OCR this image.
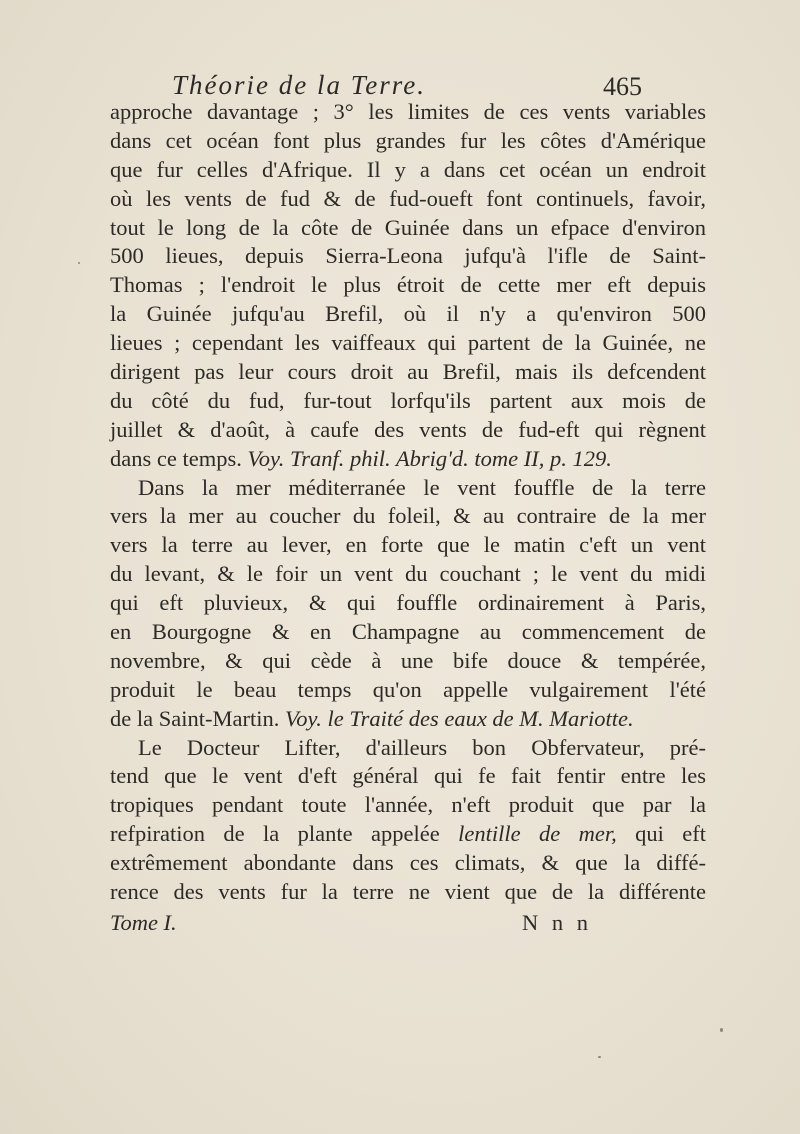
Théorie de la Terre.	465
approche davantage ; 3° les limites de ces vents variables
dans cet océan font plus grandes fur les côtes d'Amérique
que fur celles d'Afrique. Il y a dans cet océan un endroit
où les vents de fud & de fud-oueft font continuels, favoir,
tout le long de la côte de Guinée dans un efpace d'environ
500 lieues, depuis Sierra-Leona jufqu'à l'ifle de Saint-
Thomas ; l'endroit le plus étroit de cette mer eft depuis
la Guinée jufqu'au Brefil, où il n'y a qu'environ 500
lieues ; cependant les vaiffeaux qui partent de la Guinée, ne
dirigent pas leur cours droit au Brefil, mais ils defcendent
du côté du fud, fur-tout lorfqu'ils partent aux mois de
juillet & d'août, à caufe des vents de fud-eft qui règnent
dans ce temps. Voy. Tranf. phil. Abrig'd. tome II, p. 129.
Dans la mer méditerranée le vent fouffle de la terre
vers la mer au coucher du foleil, & au contraire de la mer
vers la terre au lever, en forte que le matin c'eft un vent
du levant, & le foir un vent du couchant ; le vent du midi
qui eft pluvieux, & qui fouffle ordinairement à Paris,
en Bourgogne & en Champagne au commencement de
novembre, & qui cède à une bife douce & tempérée,
produit le beau temps qu'on appelle vulgairement l'été
de la Saint-Martin. Voy. le Traité des eaux de M. Mariotte.
Le Docteur Lifter, d'ailleurs bon Obfervateur, pré-
tend que le vent d'eft général qui fe fait fentir entre les
tropiques pendant toute l'année, n'eft produit que par la
refpiration de la plante appelée lentille de mer, qui eft
extrêmement abondante dans ces climats, & que la diffé-
rence des vents fur la terre ne vient que de la différente
Tome I.	N n n
